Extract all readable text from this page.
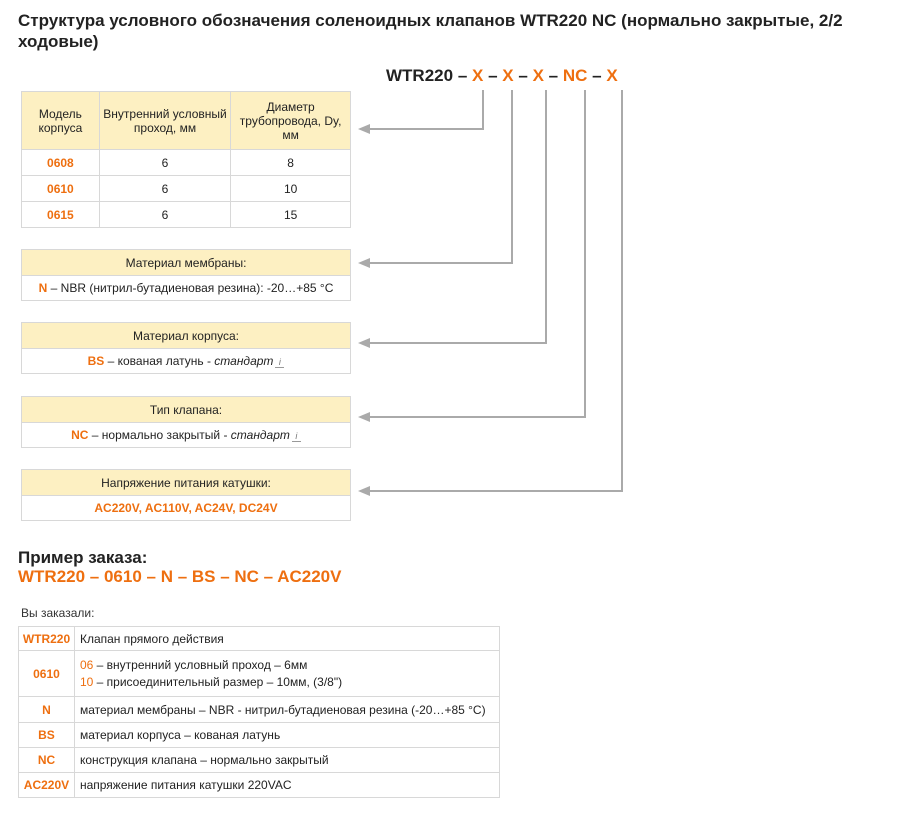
Структура условного обозначения соленоидных клапанов WTR220 NC (нормально закрытые, 2/2 ходовые)
WTR220 – X – X – X – NC – X
Модель корпуса	Внутренний условный проход, мм	Диаметр трубопровода, Dy, мм
0608	6	8
0610	6	10
0615	6	15
Материал мембраны:
N – NBR (нитрил-бутадиеновая резина): -20…+85 °С
Материал корпуса:
BS – кованая латунь - стандарт i
Тип клапана:
NC – нормально закрытый - стандарт i
Напряжение питания катушки:
AC220V, AC110V, AC24V, DC24V
Пример заказа:
WTR220 – 0610 – N – BS – NC – AC220V
Вы заказали:
WTR220	Клапан прямого действия
0610	06 – внутренний условный проход – 6мм
10 – присоединительный размер – 10мм, (3/8")
N	материал мембраны – NBR - нитрил-бутадиеновая резина (-20…+85 °С)
BS	материал корпуса – кованая латунь
NC	конструкция клапана – нормально закрытый
AC220V	напряжение питания катушки 220VAC
